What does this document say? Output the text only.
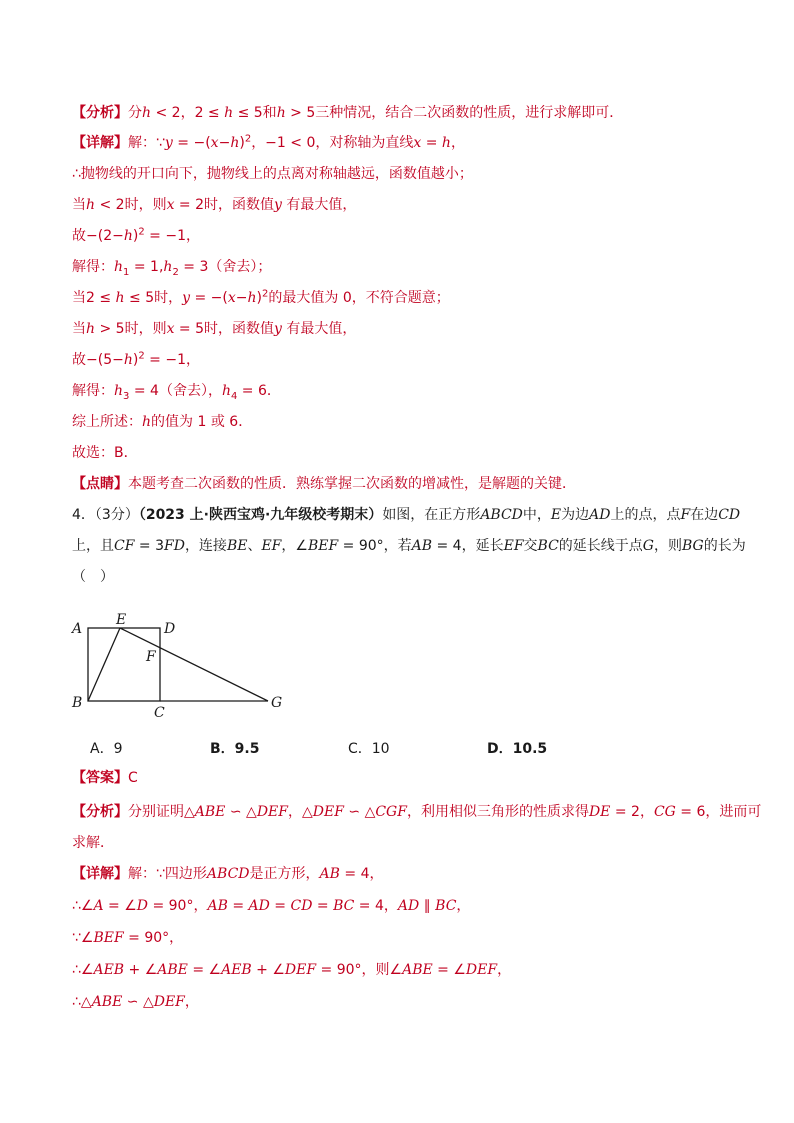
【分析】分h < 2，2 ≤ h ≤ 5和h > 5三种情况，结合二次函数的性质，进行求解即可．
【详解】解：∵y = $-(x-h)^2$，−1 < 0，对称轴为直线x = h，
∴抛物线的开口向下，抛物线上的点离对称轴越远，函数值越小；
当h < 2时，则x = 2时，函数值y 有最大值，
故$-(2-h)^2 = -1$，
解得：$h_1 = 1,h_2 = 3$（舍去）；
当2 ≤ h ≤ 5时，$y = -(x-h)^2$的最大值为 0，不符合题意；
当h > 5时，则x = 5时，函数值y 有最大值，
故$-(5-h)^2 = -1$，
解得：$h_3 = 4$（舍去），$h_4 = 6$．
综上所述：h的值为 1 或 6．
故选：B．
【点睛】本题考查二次函数的性质．熟练掌握二次函数的增减性，是解题的关键．
4．（3分）（2023 上·陕西宝鸡·九年级校考期末）如图，在正方形ABCD中，E为边AD上的点，点F在边CD
上，且CF = 3FD，连接BE、EF，∠BEF = 90°，若AB = 4，延长EF交BC的延长线于点G，则BG的长为
（　）
A
E
D
F
B
C
G
A．9	B．9.5	C．10	D．10.5
【答案】C
【分析】分别证明△ABE ∽ △DEF，△DEF ∽ △CGF，利用相似三角形的性质求得DE = 2，CG = 6，进而可
求解．
【详解】解：∵四边形ABCD是正方形，AB = 4，
∴∠A = ∠D = 90°，AB = AD = CD = BC = 4，AD ∥ BC，
∵∠BEF = 90°，
∴∠AEB + ∠ABE = ∠AEB + ∠DEF = 90°，则∠ABE = ∠DEF，
∴△ABE ∽ △DEF，
